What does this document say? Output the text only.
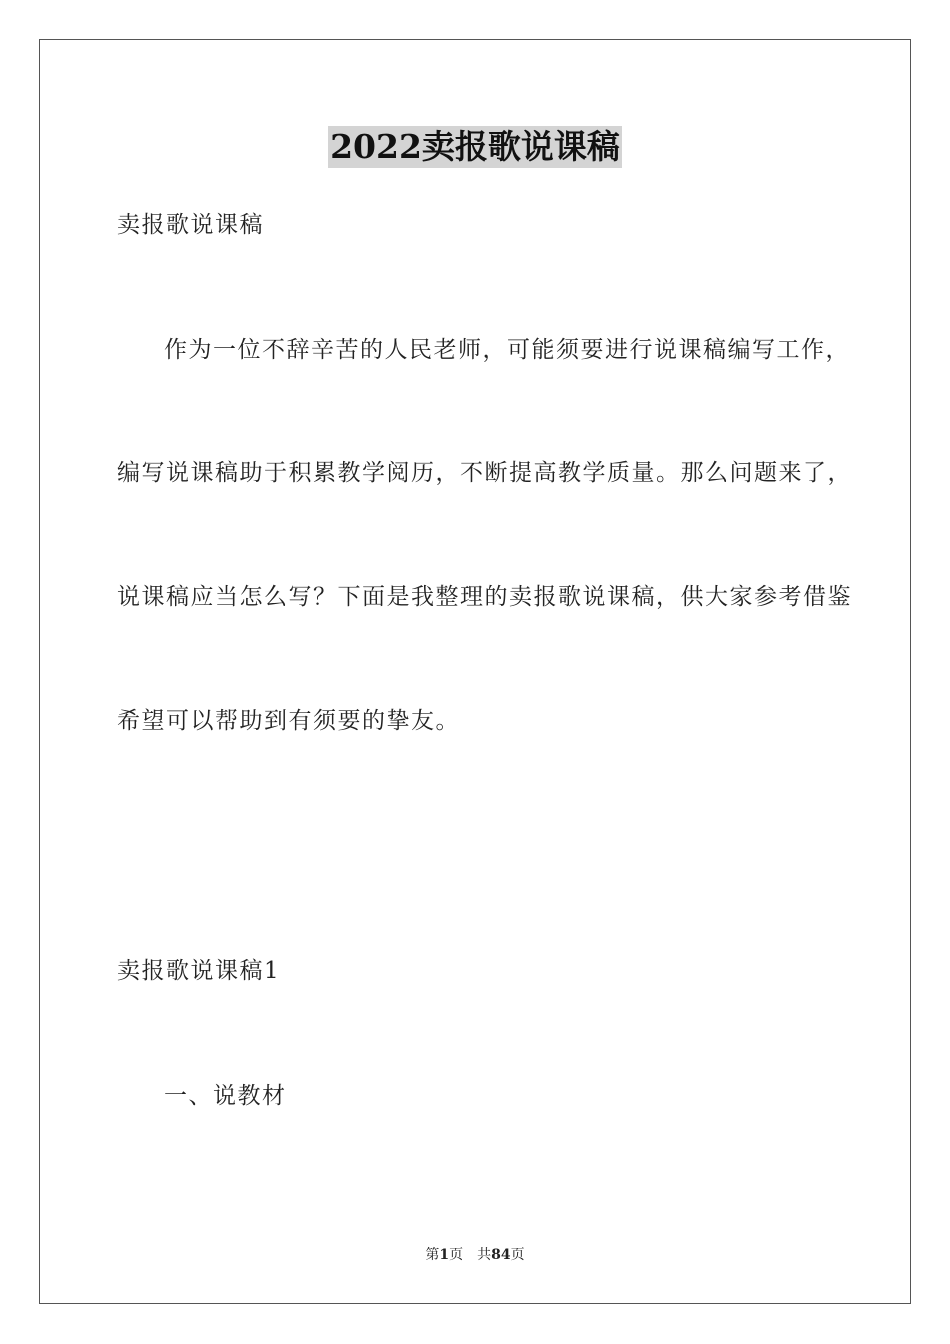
2022卖报歌说课稿
卖报歌说课稿
作为一位不辞辛苦的人民老师，可能须要进行说课稿编写工作，
编写说课稿助于积累教学阅历，不断提高教学质量。那么问题来了，
说课稿应当怎么写？下面是我整理的卖报歌说课稿，供大家参考借鉴
希望可以帮助到有须要的挚友。
卖报歌说课稿1
一、说教材
第1页 共84页
